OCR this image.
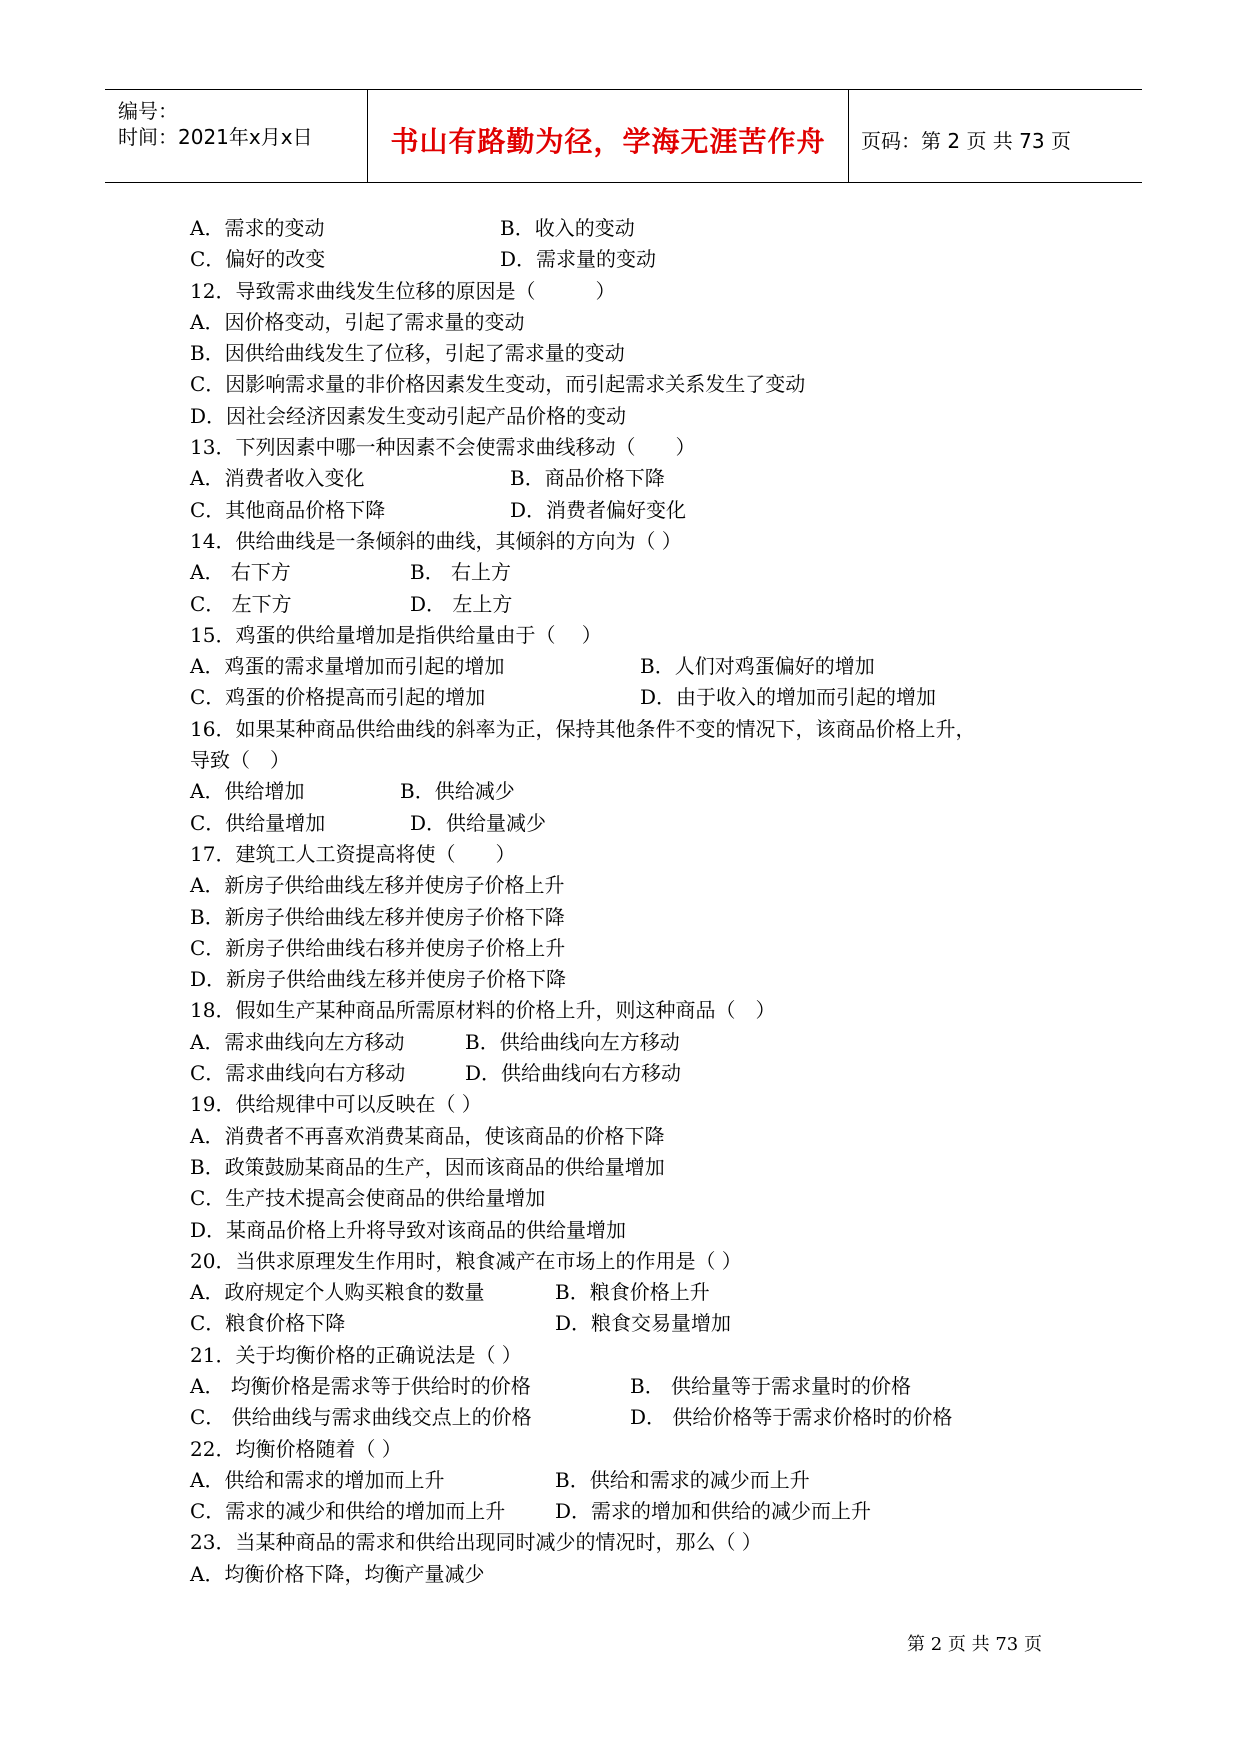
编号：
时间：2021年x月x日	书山有路勤为径，学海无涯苦作舟	页码：第 2 页 共 73 页
A．需求的变动	B．收入的变动
C．偏好的改变	D．需求量的变动
12．导致需求曲线发生位移的原因是（　　　）
A．因价格变动，引起了需求量的变动
B．因供给曲线发生了位移，引起了需求量的变动
C．因影响需求量的非价格因素发生变动，而引起需求关系发生了变动
D．因社会经济因素发生变动引起产品价格的变动
13．下列因素中哪一种因素不会使需求曲线移动（　　）
A．消费者收入变化	B．商品价格下降
C．其他商品价格下降	D．消费者偏好变化
14．供给曲线是一条倾斜的曲线，其倾斜的方向为（ ）
A． 右下方	B． 右上方
C． 左下方	D． 左上方
15．鸡蛋的供给量增加是指供给量由于（　 ）
A．鸡蛋的需求量增加而引起的增加	B．人们对鸡蛋偏好的增加
C．鸡蛋的价格提高而引起的增加	D．由于收入的增加而引起的增加
16．如果某种商品供给曲线的斜率为正，保持其他条件不变的情况下，该商品价格上升，
导致（　）
A．供给增加	B．供给减少
C．供给量增加	D．供给量减少
17．建筑工人工资提高将使（　　）
A．新房子供给曲线左移并使房子价格上升
B．新房子供给曲线左移并使房子价格下降
C．新房子供给曲线右移并使房子价格上升
D．新房子供给曲线左移并使房子价格下降
18．假如生产某种商品所需原材料的价格上升，则这种商品（　）
A．需求曲线向左方移动	B．供给曲线向左方移动
C．需求曲线向右方移动	D．供给曲线向右方移动
19．供给规律中可以反映在（ ）
A．消费者不再喜欢消费某商品，使该商品的价格下降
B．政策鼓励某商品的生产，因而该商品的供给量增加
C．生产技术提高会使商品的供给量增加
D．某商品价格上升将导致对该商品的供给量增加
20．当供求原理发生作用时，粮食减产在市场上的作用是（ ）
A．政府规定个人购买粮食的数量	B．粮食价格上升
C．粮食价格下降	D．粮食交易量增加
21．关于均衡价格的正确说法是（ ）
A． 均衡价格是需求等于供给时的价格	B． 供给量等于需求量时的价格
C． 供给曲线与需求曲线交点上的价格	D． 供给价格等于需求价格时的价格
22．均衡价格随着（ ）
A．供给和需求的增加而上升	B．供给和需求的减少而上升
C．需求的减少和供给的增加而上升 D．需求的增加和供给的减少而上升
23．当某种商品的需求和供给出现同时减少的情况时，那么（ ）
A．均衡价格下降，均衡产量减少
第 2 页 共 73 页
